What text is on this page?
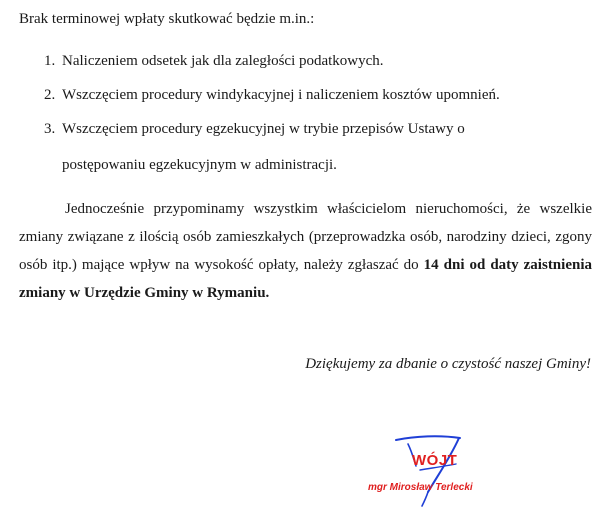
Brak terminowej wpłaty skutkować będzie m.in.:
1. Naliczeniem odsetek jak dla zaległości podatkowych.
2. Wszczęciem procedury windykacyjnej i naliczeniem kosztów upomnień.
3. Wszczęciem procedury egzekucyjnej w trybie przepisów Ustawy o
postępowaniu egzekucyjnym w administracji.

Jednocześnie przypominamy wszystkim właścicielom nieruchomości, że wszelkie zmiany związane z ilością osób zamieszkałych (przeprowadzka osób, narodziny dzieci, zgony osób itp.) mające wpływ na wysokość opłaty, należy zgłaszać do 14 dni od daty zaistnienia zmiany w Urzędzie Gminy w Rymaniu.

Dziękujemy za dbanie o czystość naszej Gminy!
WÓJT
mgr Mirosław Terlecki
